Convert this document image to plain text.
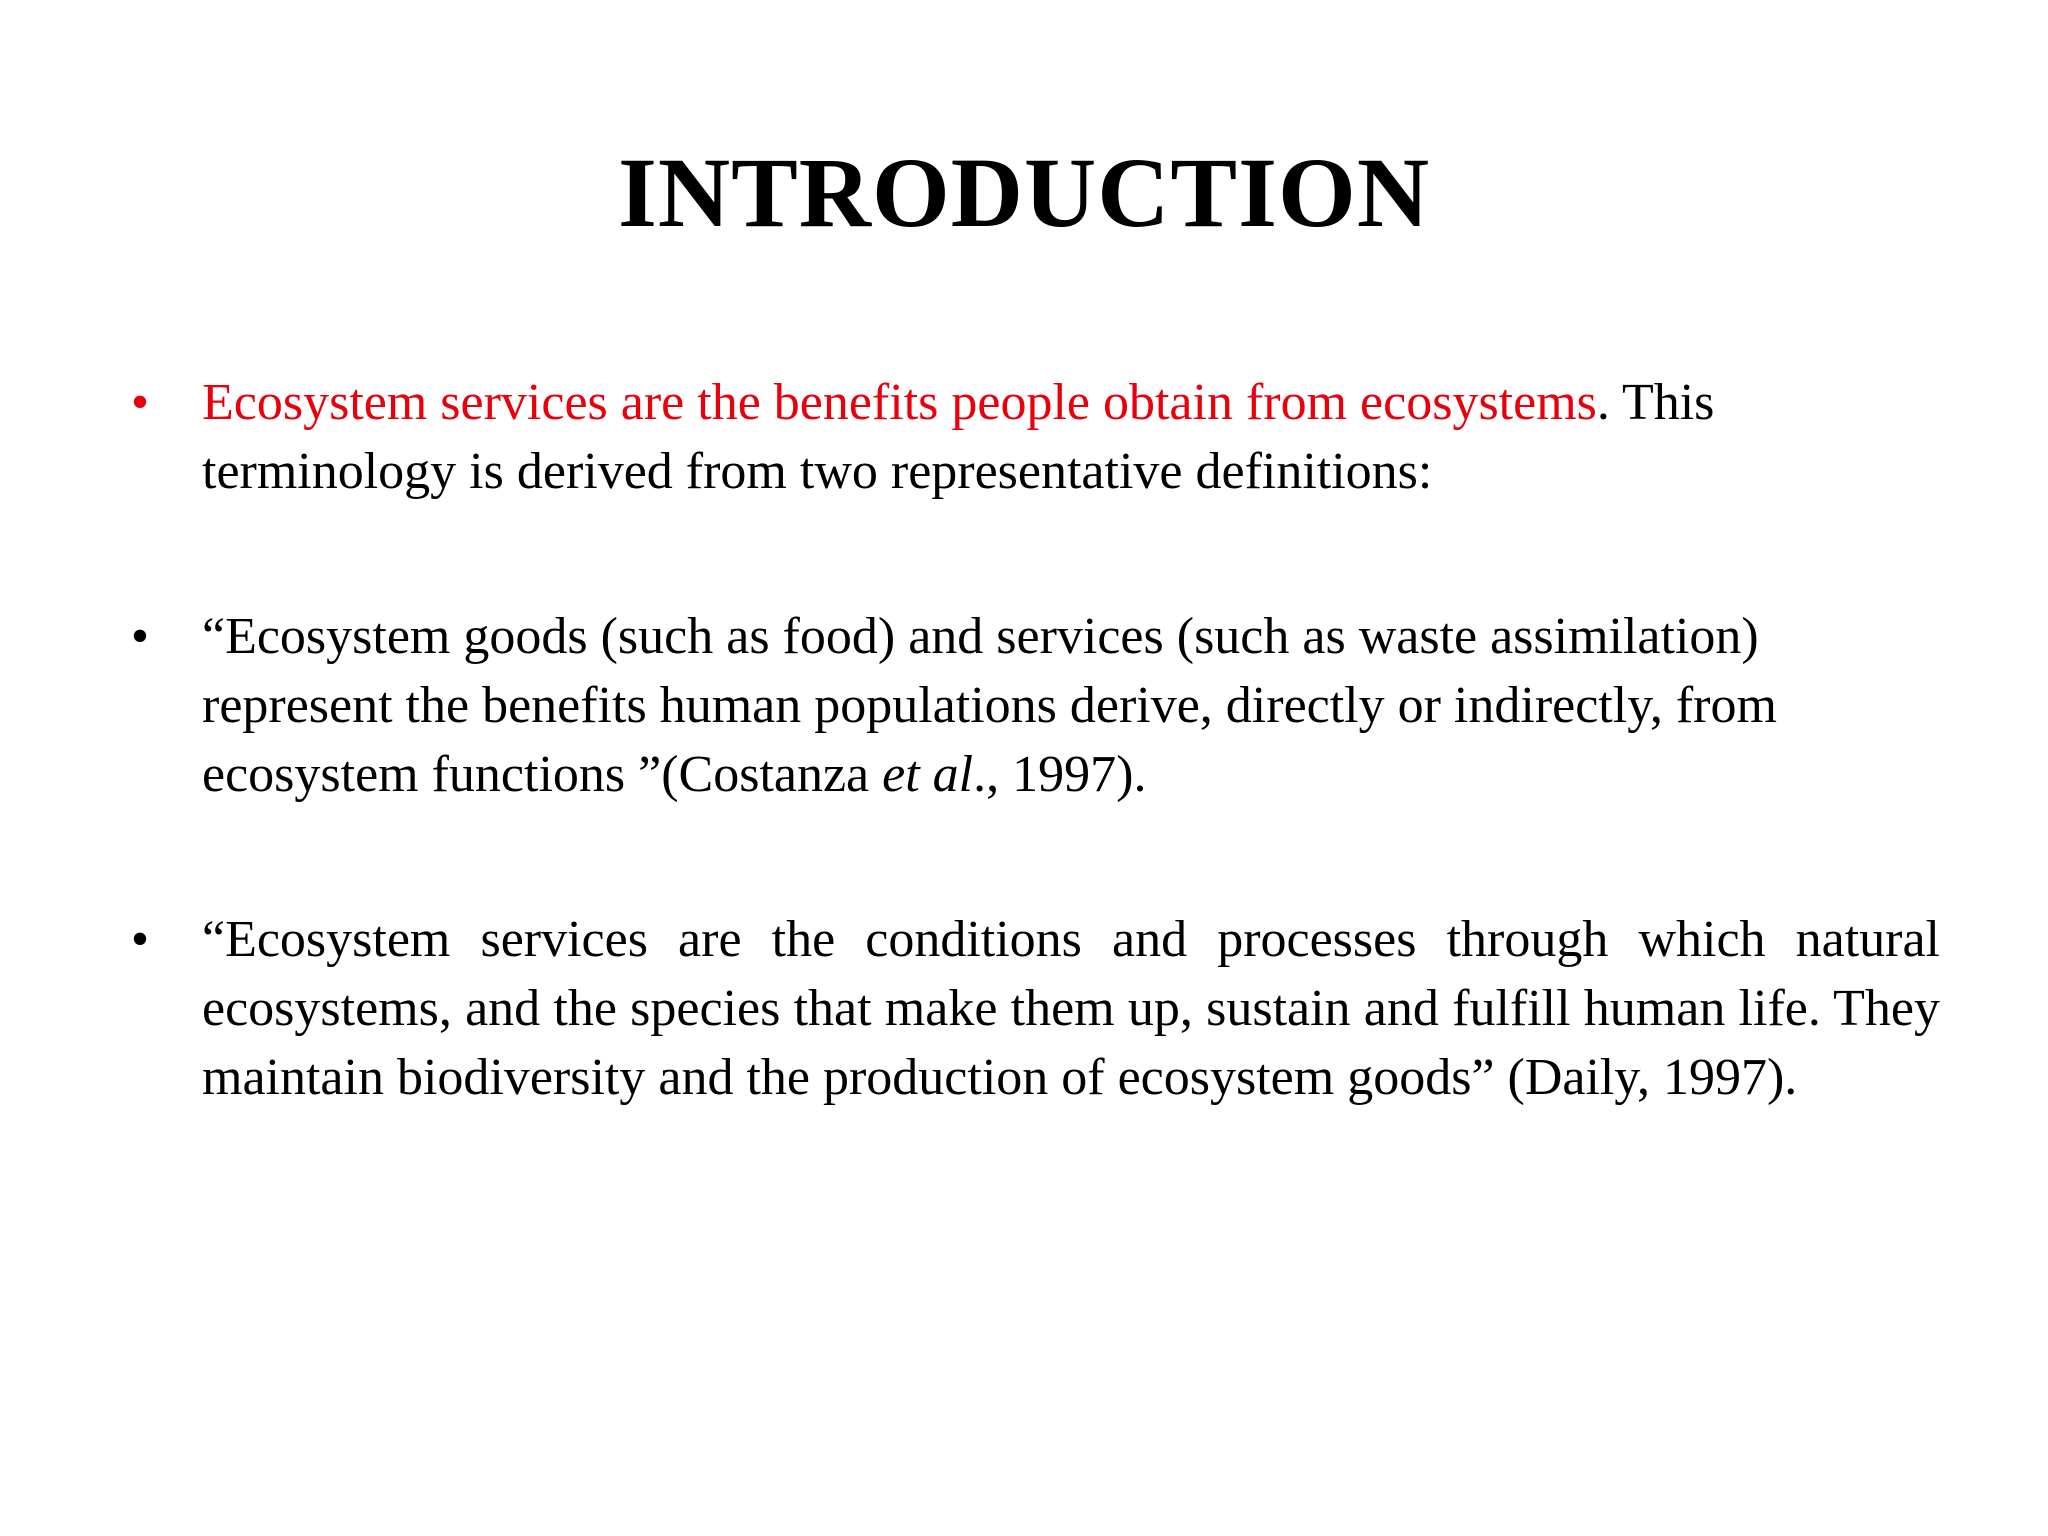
INTRODUCTION
• Ecosystem services are the benefits people obtain from ecosystems. This terminology is derived from two representative definitions:
• “Ecosystem goods (such as food) and services (such as waste assimilation) represent the benefits human populations derive, directly or indirectly, from ecosystem functions ”(Costanza et al., 1997).
• “Ecosystem services are the conditions and processes through which natural ecosystems, and the species that make them up, sustain and fulfill human life. They maintain biodiversity and the production of ecosystem goods” (Daily, 1997).
